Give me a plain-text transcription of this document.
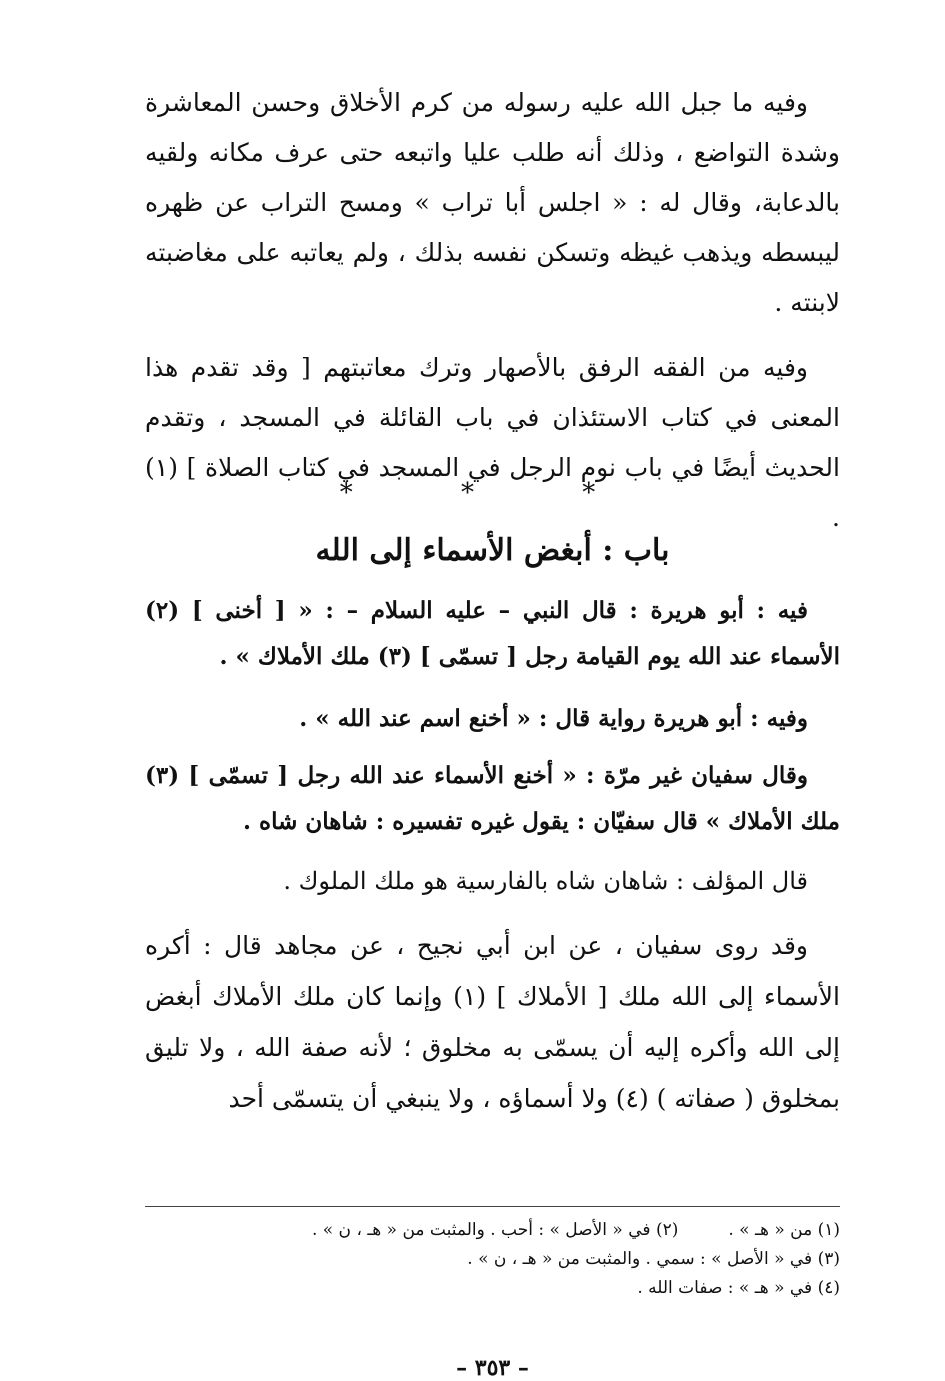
وفيه ما جبل الله عليه رسوله من كرم الأخلاق وحسن المعاشرة وشدة التواضع ، وذلك أنه طلب عليا واتبعه حتى عرف مكانه ولقيه بالدعابة، وقال له : « اجلس أبا تراب » ومسح التراب عن ظهره ليبسطه ويذهب غيظه وتسكن نفسه بذلك ، ولم يعاتبه على مغاضبته لابنته .

وفيه من الفقه الرفق بالأصهار وترك معاتبتهم [ وقد تقدم هذا المعنى في كتاب الاستئذان في باب القائلة في المسجد ، وتقدم الحديث أيضًا في باب نوم الرجل في المسجد في كتاب الصلاة ] (١) .

* * *
باب : أبغض الأسماء إلى الله
فيه : أبو هريرة : قال النبي – عليه السلام – : « [ أخنى ] (٢) الأسماء عند الله يوم القيامة رجل [ تسمّى ] (٣) ملك الأملاك » .
وفيه : أبو هريرة رواية قال : « أخنع اسم عند الله » .
وقال سفيان غير مرّة : « أخنع الأسماء عند الله رجل [ تسمّى ] (٣) ملك الأملاك » قال سفيّان : يقول غيره تفسيره : شاهان شاه .
قال المؤلف : شاهان شاه بالفارسية هو ملك الملوك .

وقد روى سفيان ، عن ابن أبي نجيح ، عن مجاهد قال : أكره الأسماء إلى الله ملك [ الأملاك ] (١) وإنما كان ملك الأملاك أبغض إلى الله وأكره إليه أن يسمّى به مخلوق ؛ لأنه صفة الله ، ولا تليق بمخلوق ( صفاته ) (٤) ولا أسماؤه ، ولا ينبغي أن يتسمّى أحد

(١) من « هـ » .(٢) في « الأصل » : أحب . والمثبت من « هـ ، ن » .
(٣) في « الأصل » : سمي . والمثبت من « هـ ، ن » .
(٤) في « هـ » : صفات الله .
– ٣٥٣ –
